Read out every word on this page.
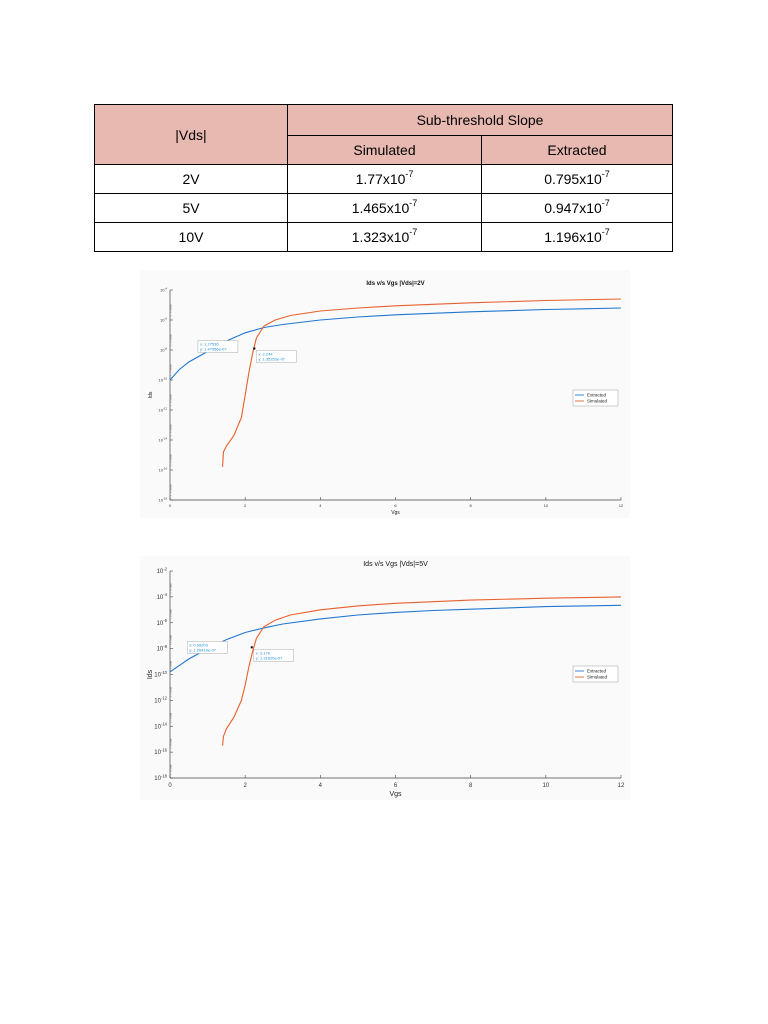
|Vds|	Sub-threshold Slope	
	Simulated	Extracted
2V	$1.77x10^{-7}$	$0.795x10^{-7}$
5V	$1.465x10^{-7}$	$0.947x10^{-7}$
10V	$1.323x10^{-7}$	$1.196x10^{-7}$
Ids v/s Vgs |Vds|=2V
0	2	4	6	8	10	12
$10^{-18}$
$10^{-16}$
$10^{-14}$
$10^{-12}$
$10^{-10}$
$10^{-8}$
$10^{-6}$
$10^{-4}$
Vgs
Ids
x: 1.27536
y: 1.47956e-07
x: 2.244
y: 1.35253e-07
Extracted
Simulated
Ids v/s Vgs |Vds|=5V
0	2	4	6	8	10	12
$10^{-18}$
$10^{-16}$
$10^{-14}$
$10^{-12}$
$10^{-10}$
$10^{-8}$
$10^{-6}$
$10^{-4}$
$10^{-2}$
Vgs
Ids
x: 0.99203
y: 1.26419e-07
x: 2.176
y: 1.31920e-07
Extracted
Simulated
